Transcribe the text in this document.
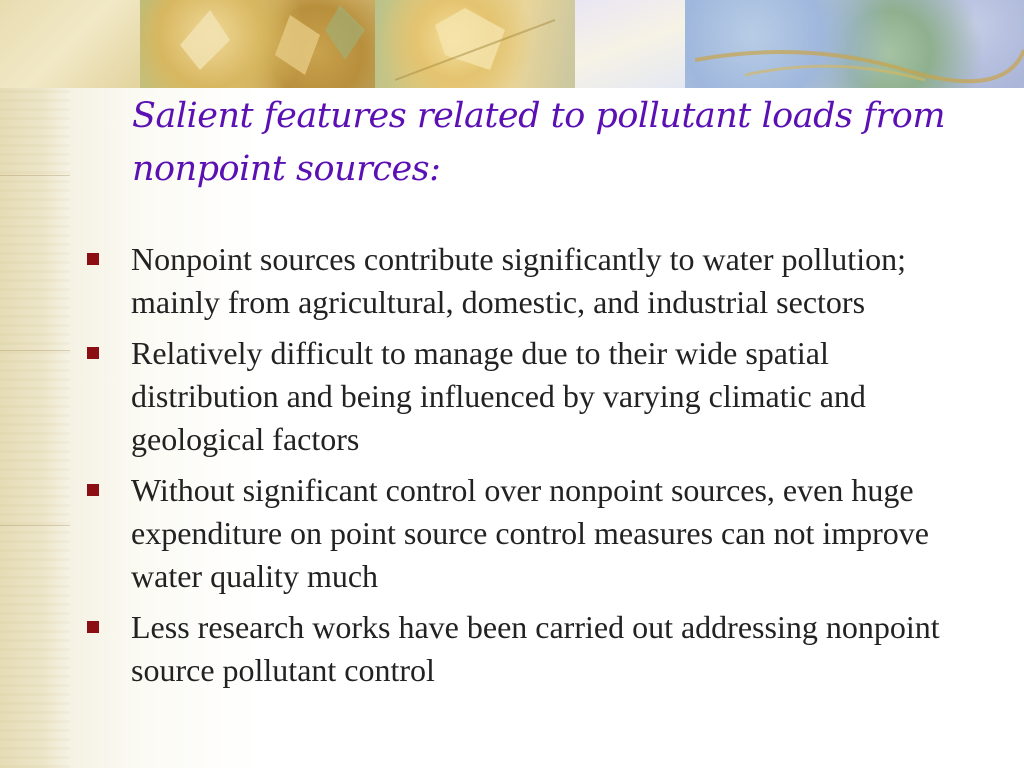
Salient features related to pollutant loads from nonpoint sources:
Nonpoint sources contribute significantly to water pollution; mainly from agricultural, domestic, and industrial sectors
Relatively difficult to manage due to their wide spatial distribution and being influenced by varying climatic and geological factors
Without significant control over nonpoint sources, even huge expenditure on point source control measures can not improve water quality much
Less research works have been carried out addressing nonpoint source pollutant control
